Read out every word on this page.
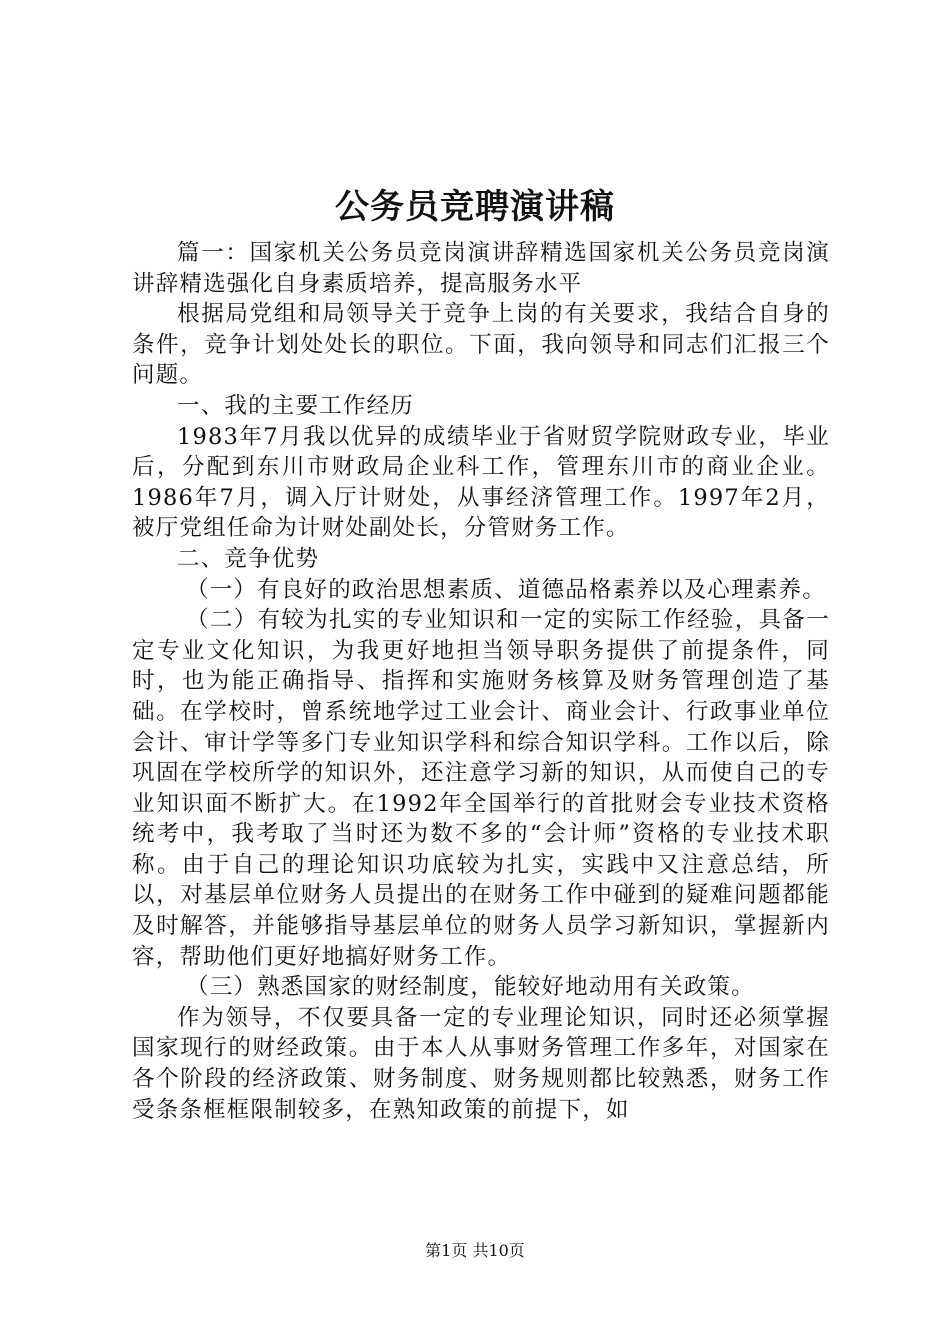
公务员竞聘演讲稿

篇一：国家机关公务员竞岗演讲辞精选国家机关公务员竞岗演讲辞精选强化自身素质培养，提高服务水平

根据局党组和局领导关于竞争上岗的有关要求，我结合自身的条件，竞争计划处处长的职位。下面，我向领导和同志们汇报三个问题。

一、我的主要工作经历

1983年7月我以优异的成绩毕业于省财贸学院财政专业，毕业后，分配到东川市财政局企业科工作，管理东川市的商业企业。1986年7月，调入厅计财处，从事经济管理工作。1997年2月，被厅党组任命为计财处副处长，分管财务工作。

二、竞争优势

（一）有良好的政治思想素质、道德品格素养以及心理素养。

（二）有较为扎实的专业知识和一定的实际工作经验，具备一定专业文化知识，为我更好地担当领导职务提供了前提条件，同时，也为能正确指导、指挥和实施财务核算及财务管理创造了基础。在学校时，曾系统地学过工业会计、商业会计、行政事业单位会计、审计学等多门专业知识学科和综合知识学科。工作以后，除巩固在学校所学的知识外，还注意学习新的知识，从而使自己的专业知识面不断扩大。在1992年全国举行的首批财会专业技术资格统考中，我考取了当时还为数不多的“会计师”资格的专业技术职称。由于自己的理论知识功底较为扎实，实践中又注意总结，所以，对基层单位财务人员提出的在财务工作中碰到的疑难问题都能及时解答，并能够指导基层单位的财务人员学习新知识，掌握新内容，帮助他们更好地搞好财务工作。

（三）熟悉国家的财经制度，能较好地动用有关政策。

作为领导，不仅要具备一定的专业理论知识，同时还必须掌握国家现行的财经政策。由于本人从事财务管理工作多年，对国家在各个阶段的经济政策、财务制度、财务规则都比较熟悉，财务工作受条条框框限制较多，在熟知政策的前提下，如

第1页 共10页
